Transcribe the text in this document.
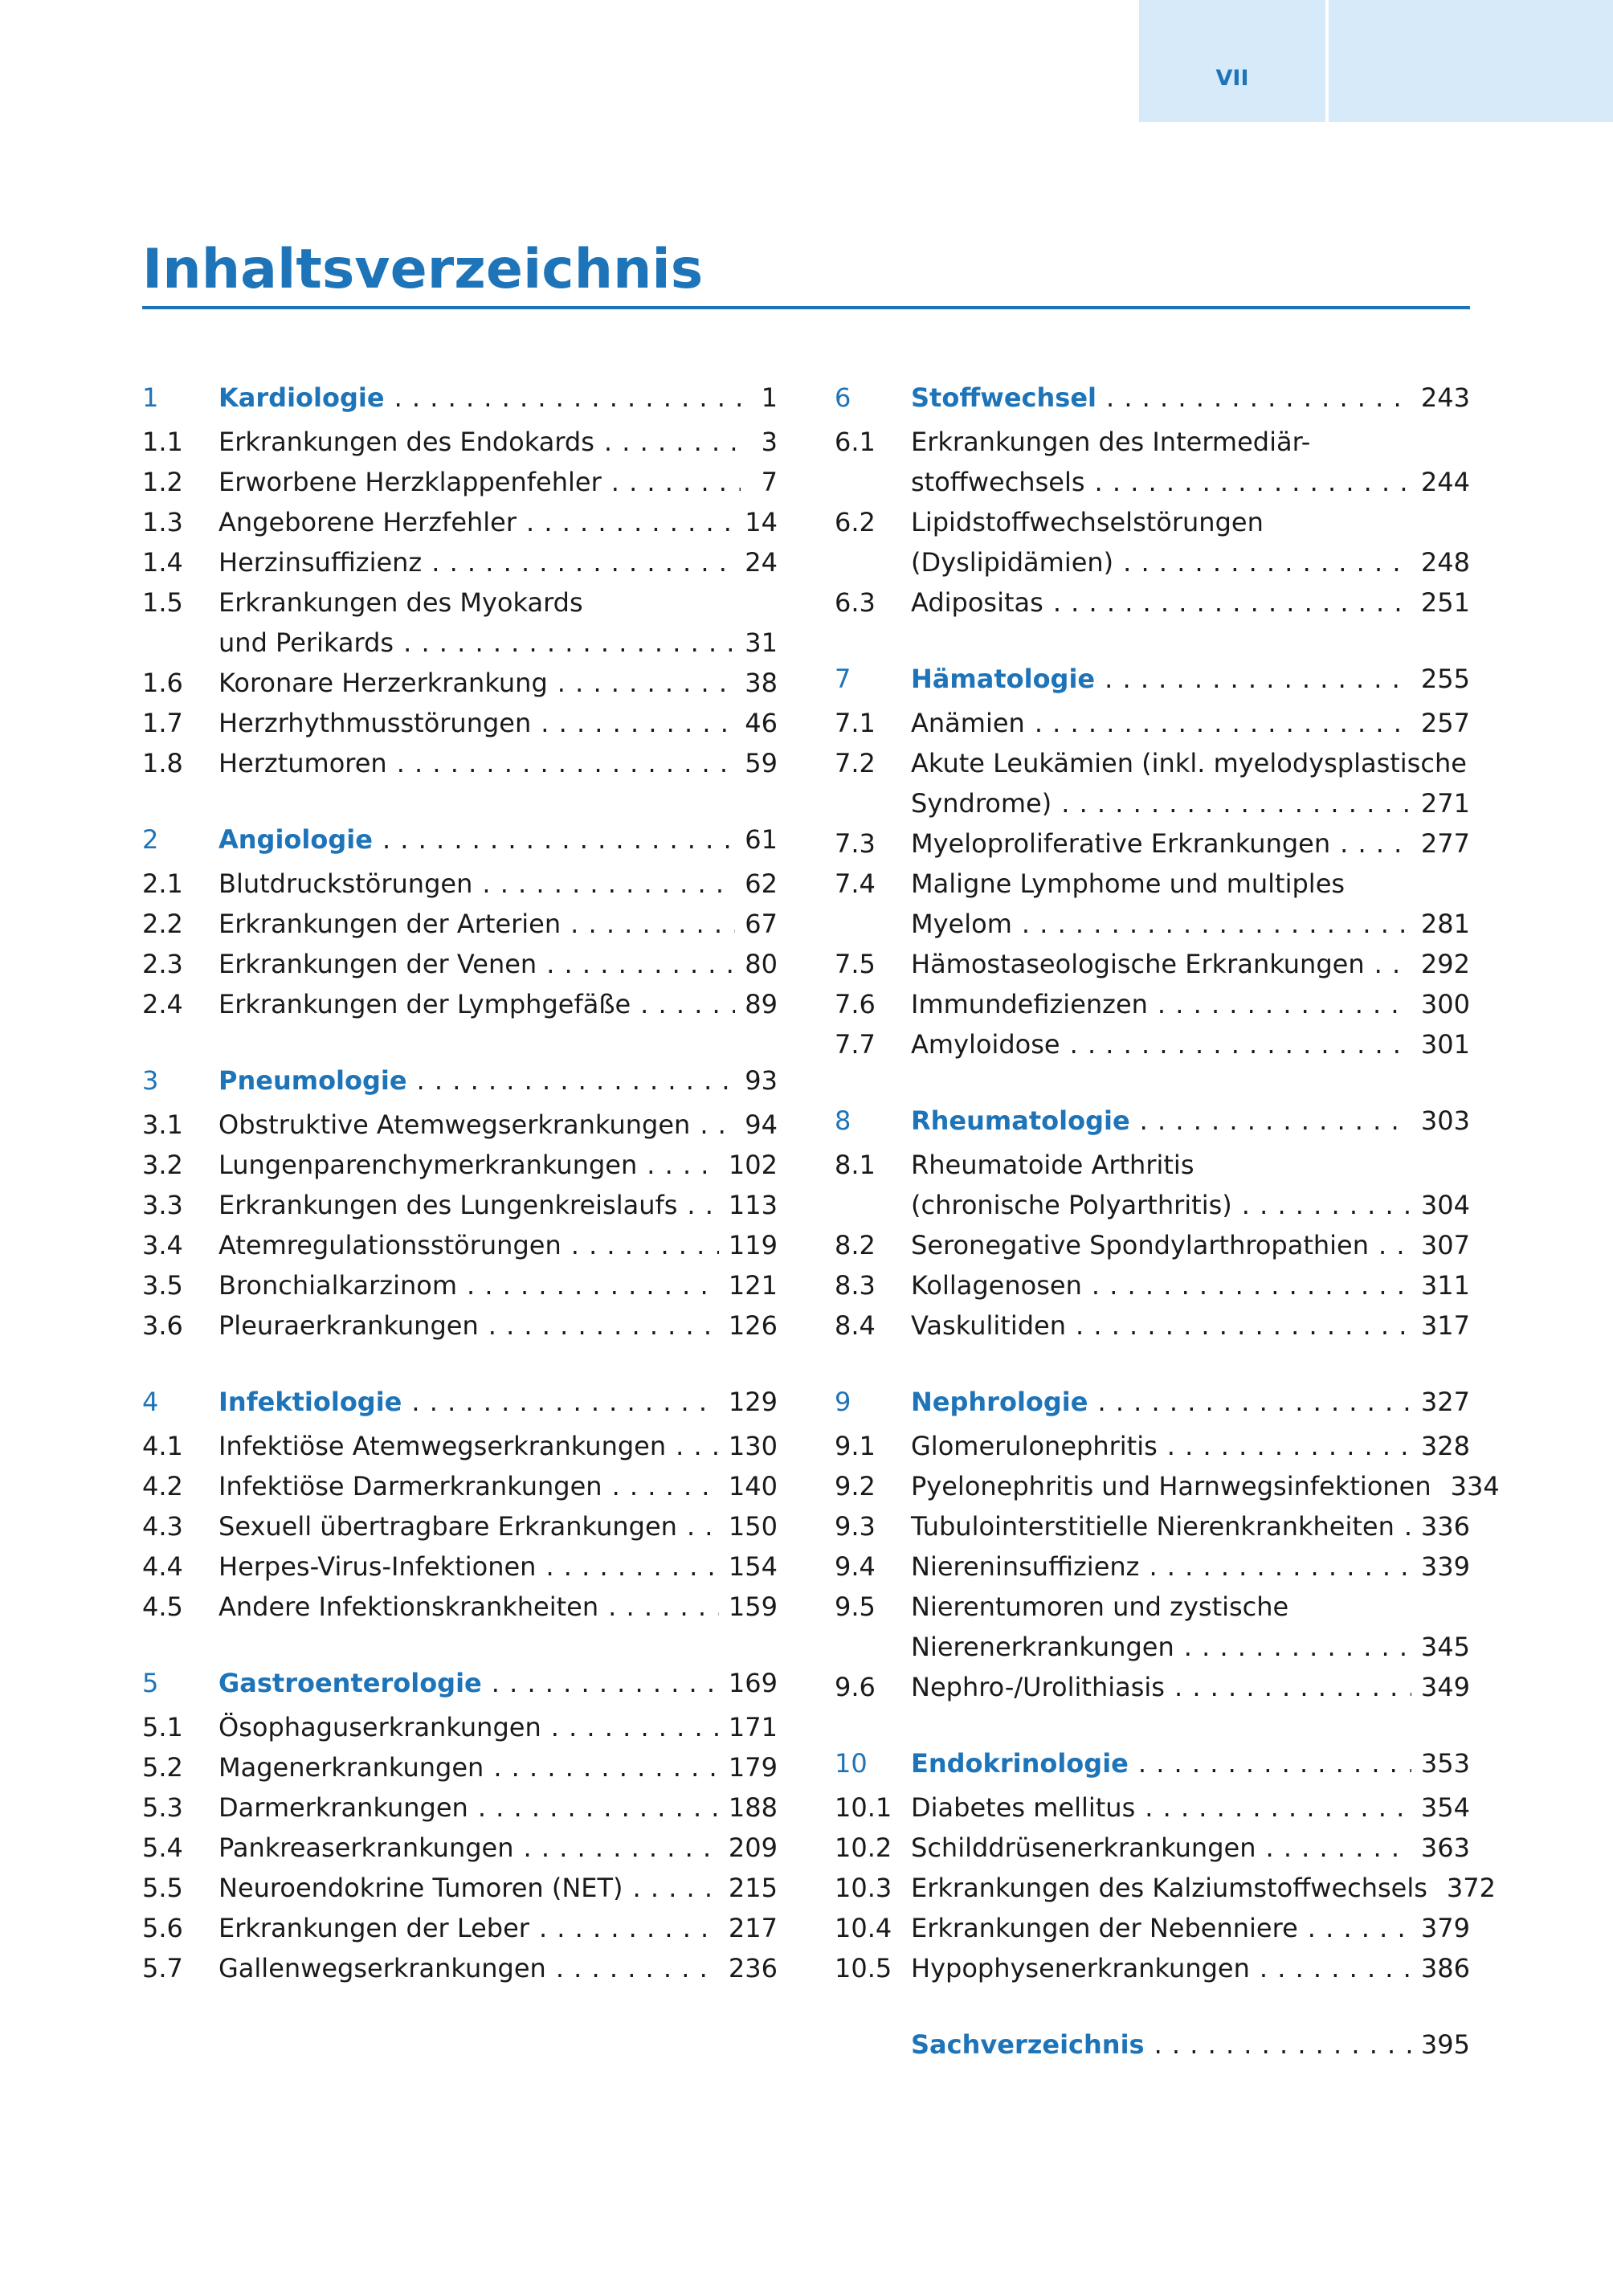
VII
Inhaltsverzeichnis
1	Kardiologie . . .	1
1.1	Erkrankungen des Endokards . . .	3
1.2	Erworbene Herzklappenfehler . . .	7
1.3	Angeborene Herzfehler . . .	14
1.4	Herzinsuffizienz . . .	24
1.5	Erkrankungen des Myokards
und Perikards . . .	31
1.6	Koronare Herzerkrankung . . .	38
1.7	Herzrhythmusstörungen . . .	46
1.8	Herztumoren . . .	59
2	Angiologie . . .	61
2.1	Blutdruckstörungen . . .	62
2.2	Erkrankungen der Arterien . . .	67
2.3	Erkrankungen der Venen . . .	80
2.4	Erkrankungen der Lymphgefäße . . .	89
3	Pneumologie . . .	93
3.1	Obstruktive Atemwegserkrankungen . . .	94
3.2	Lungenparenchymerkrankungen . . .	102
3.3	Erkrankungen des Lungenkreislaufs . . .	113
3.4	Atemregulationsstörungen . . .	119
3.5	Bronchialkarzinom . . .	121
3.6	Pleuraerkrankungen . . .	126
4	Infektiologie . . .	129
4.1	Infektiöse Atemwegserkrankungen . . .	130
4.2	Infektiöse Darmerkrankungen . . .	140
4.3	Sexuell übertragbare Erkrankungen . . .	150
4.4	Herpes-Virus-Infektionen . . .	154
4.5	Andere Infektionskrankheiten . . .	159
5	Gastroenterologie . . .	169
5.1	Ösophaguserkrankungen . . .	171
5.2	Magenerkrankungen . . .	179
5.3	Darmerkrankungen . . .	188
5.4	Pankreaserkrankungen . . .	209
5.5	Neuroendokrine Tumoren (NET) . . .	215
5.6	Erkrankungen der Leber . . .	217
5.7	Gallenwegserkrankungen . . .	236
6	Stoffwechsel . . .	243
6.1	Erkrankungen des Intermediär-
stoffwechsels . . .	244
6.2	Lipidstoffwechselstörungen
(Dyslipidämien) . . .	248
6.3	Adipositas . . .	251
7	Hämatologie . . .	255
7.1	Anämien . . .	257
7.2	Akute Leukämien (inkl. myelodysplastische
Syndrome) . . .	271
7.3	Myeloproliferative Erkrankungen . . .	277
7.4	Maligne Lymphome und multiples
Myelom . . .	281
7.5	Hämostaseologische Erkrankungen . . .	292
7.6	Immundefizienzen . . .	300
7.7	Amyloidose . . .	301
8	Rheumatologie . . .	303
8.1	Rheumatoide Arthritis
(chronische Polyarthritis) . . .	304
8.2	Seronegative Spondylarthropathien . . .	307
8.3	Kollagenosen . . .	311
8.4	Vaskulitiden . . .	317
9	Nephrologie . . .	327
9.1	Glomerulonephritis . . .	328
9.2	Pyelonephritis und Harnwegsinfektionen 334
9.3	Tubulointerstitielle Nierenkrankheiten . . .	336
9.4	Niereninsuffizienz . . .	339
9.5	Nierentumoren und zystische
Nierenerkrankungen . . .	345
9.6	Nephro-/Urolithiasis . . .	349
10	Endokrinologie . . .	353
10.1 Diabetes mellitus . . .	354
10.2 Schilddrüsenerkrankungen . . .	363
10.3 Erkrankungen des Kalziumstoffwechsels 372
10.4 Erkrankungen der Nebenniere . . .	379
10.5 Hypophysenerkrankungen . . .	386
Sachverzeichnis . . .	395
